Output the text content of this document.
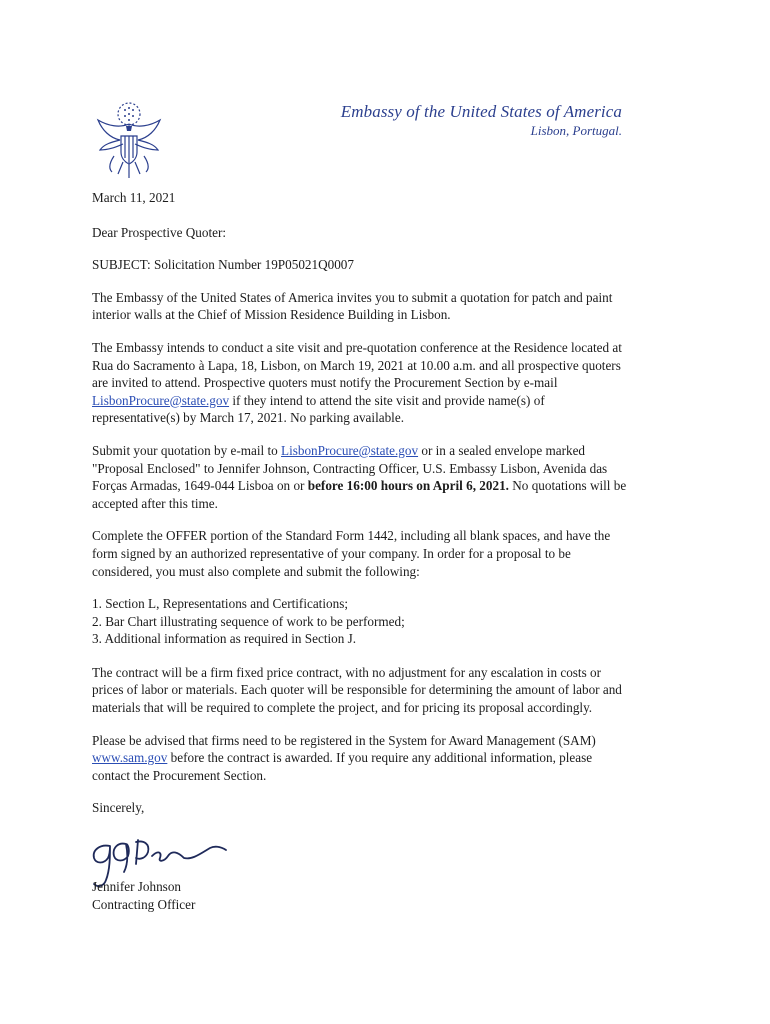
Embassy of the United States of America
Lisbon, Portugal.

March 11, 2021

Dear Prospective Quoter:

SUBJECT: Solicitation Number 19P05021Q0007

The Embassy of the United States of America invites you to submit a quotation for patch and paint interior walls at the Chief of Mission Residence Building in Lisbon.

The Embassy intends to conduct a site visit and pre-quotation conference at the Residence located at Rua do Sacramento à Lapa, 18, Lisbon, on March 19, 2021 at 10.00 a.m. and all prospective quoters are invited to attend. Prospective quoters must notify the Procurement Section by e-mail LisbonProcure@state.gov if they intend to attend the site visit and provide name(s) of representative(s) by March 17, 2021. No parking available.

Submit your quotation by e-mail to LisbonProcure@state.gov or in a sealed envelope marked "Proposal Enclosed" to Jennifer Johnson, Contracting Officer, U.S. Embassy Lisbon, Avenida das Forças Armadas, 1649-044 Lisboa on or before 16:00 hours on April 6, 2021. No quotations will be accepted after this time.

Complete the OFFER portion of the Standard Form 1442, including all blank spaces, and have the form signed by an authorized representative of your company. In order for a proposal to be considered, you must also complete and submit the following:

1. Section L, Representations and Certifications;
2. Bar Chart illustrating sequence of work to be performed;
3. Additional information as required in Section J.

The contract will be a firm fixed price contract, with no adjustment for any escalation in costs or prices of labor or materials. Each quoter will be responsible for determining the amount of labor and materials that will be required to complete the project, and for pricing its proposal accordingly.

Please be advised that firms need to be registered in the System for Award Management (SAM) www.sam.gov before the contract is awarded. If you require any additional information, please contact the Procurement Section.

Sincerely,

Jennifer Johnson
Contracting Officer
